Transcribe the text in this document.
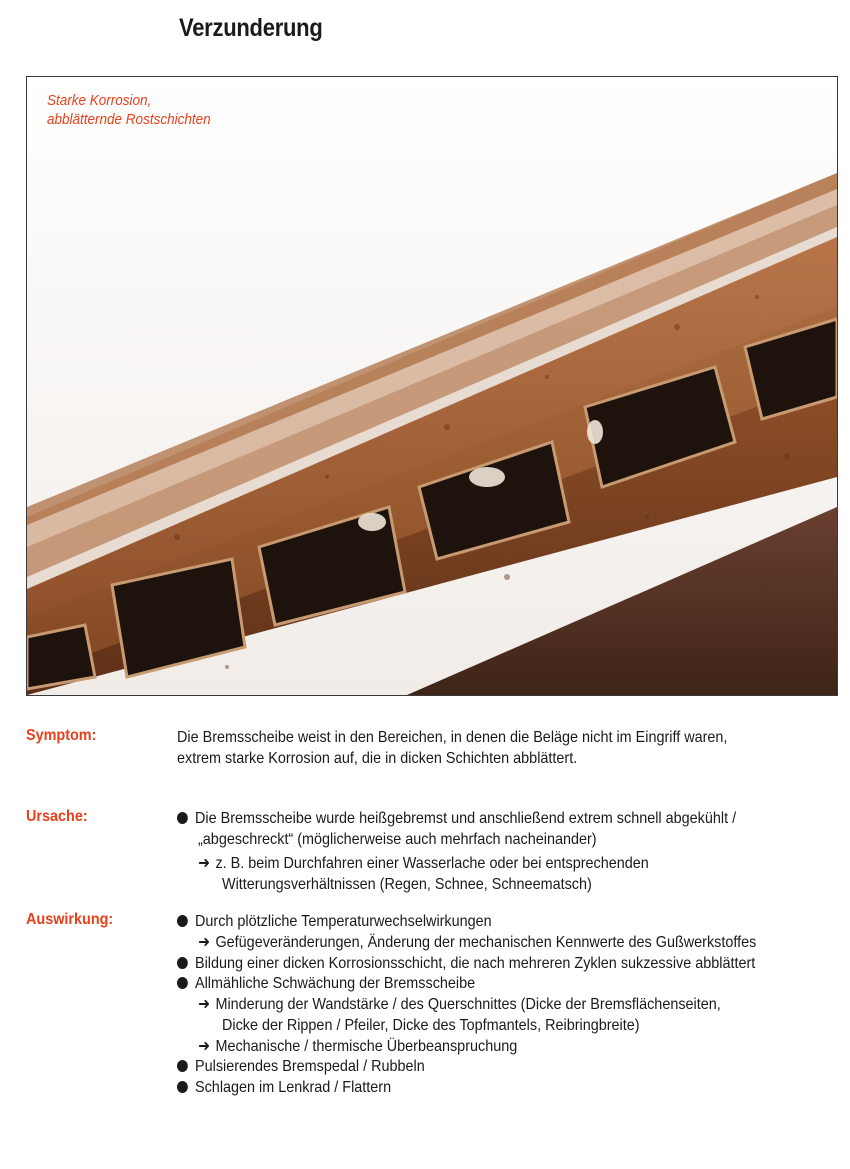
Verzunderung
Starke Korrosion,
abblätternde Rostschichten
Symptom:	Die Bremsscheibe weist in den Bereichen, in denen die Beläge nicht im Eingriff waren,
extrem starke Korrosion auf, die in dicken Schichten abblättert.
Ursache:	Die Bremsscheibe wurde heißgebremst und anschließend extrem schnell abgekühlt /
„abgeschreckt“ (möglicherweise auch mehrfach nacheinander)
➜ z. B. beim Durchfahren einer Wasserlache oder bei entsprechenden
Witterungsverhältnissen (Regen, Schnee, Schneematsch)
Auswirkung:	Durch plötzliche Temperaturwechselwirkungen
➜ Gefügeveränderungen, Änderung der mechanischen Kennwerte des Gußwerkstoffes
Bildung einer dicken Korrosionsschicht, die nach mehreren Zyklen sukzessive abblättert
Allmähliche Schwächung der Bremsscheibe
➜ Minderung der Wandstärke / des Querschnittes (Dicke der Bremsflächenseiten,
Dicke der Rippen / Pfeiler, Dicke des Topfmantels, Reibringbreite)
➜ Mechanische / thermische Überbeanspruchung
Pulsierendes Bremspedal / Rubbeln
Schlagen im Lenkrad / Flattern
